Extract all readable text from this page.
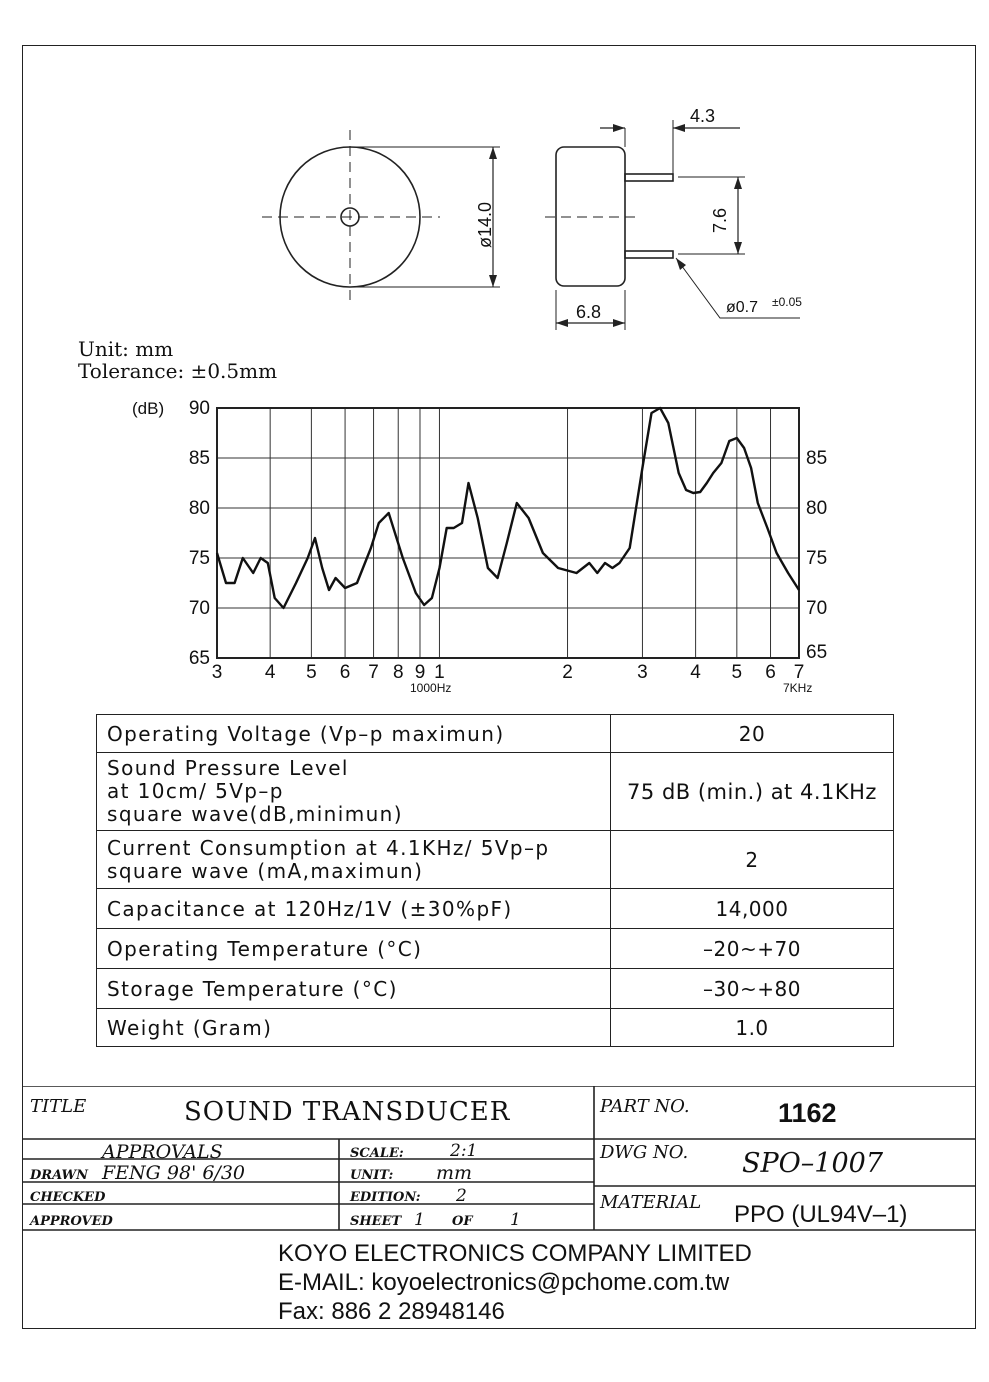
ø14.0
4.3
7.6
6.8	ø0.7 ±0.05
Unit: mm
Tolerance: ±0.5mm
(dB) 90
85
80
75
70
65
85
80
75
70
65
3 4 5 6 7 8 9 1	2	3 4 5 6 7
1000Hz	7KHz
Operating Voltage (Vp–p maximun)	20

Sound Pressure Level
at 10cm/ 5Vp–p
square wave(dB,minimun)	75 dB (min.) at 4.1KHz

Current Consumption at 4.1KHz/ 5Vp–p
square wave (mA,maximun)	2

Capacitance at 120Hz/1V (±30%pF)	14,000

Operating Temperature (°C)	–20~+70

Storage Temperature (°C)	–30~+80

Weight (Gram)	1.0
TITLE	SOUND TRANSDUCER	PART NO.	1162
APPROVALS	SCALE:	2:1	DWG NO. SPO–1007
DRAWN FENG 98' 6/30	UNIT: mm
CHECKED	EDITION: 2	MATERIAL PPO (UL94V–1)
APPROVED	SHEET 1 OF 1
KOYO ELECTRONICS COMPANY LIMITED
E-MAIL: koyoelectronics@pchome.com.tw
Fax: 886 2 28948146
